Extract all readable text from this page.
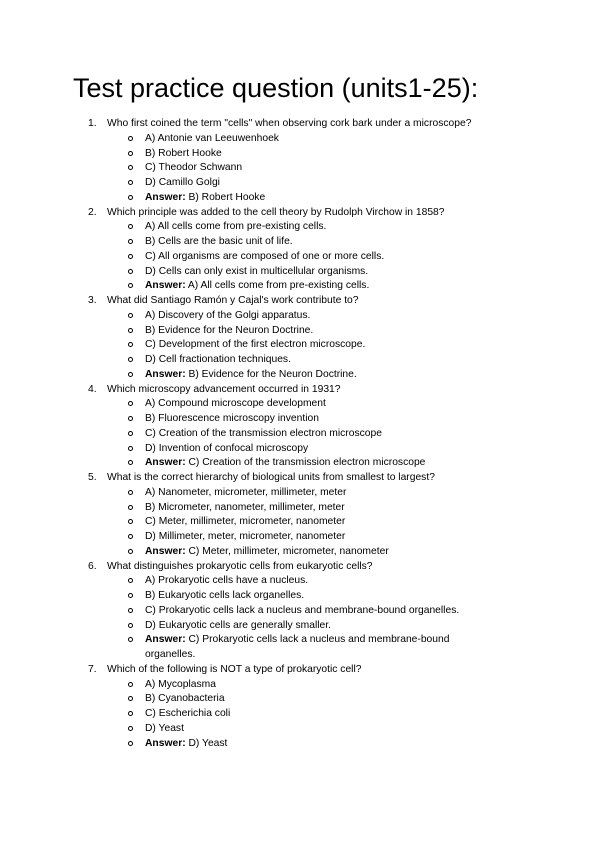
Test practice question (units1-25):
1. Who first coined the term "cells" when observing cork bark under a microscope?
A) Antonie van Leeuwenhoek
B) Robert Hooke
C) Theodor Schwann
D) Camillo Golgi
Answer: B) Robert Hooke
2. Which principle was added to the cell theory by Rudolph Virchow in 1858?
A) All cells come from pre-existing cells.
B) Cells are the basic unit of life.
C) All organisms are composed of one or more cells.
D) Cells can only exist in multicellular organisms.
Answer: A) All cells come from pre-existing cells.
3. What did Santiago Ramón y Cajal's work contribute to?
A) Discovery of the Golgi apparatus.
B) Evidence for the Neuron Doctrine.
C) Development of the first electron microscope.
D) Cell fractionation techniques.
Answer: B) Evidence for the Neuron Doctrine.
4. Which microscopy advancement occurred in 1931?
A) Compound microscope development
B) Fluorescence microscopy invention
C) Creation of the transmission electron microscope
D) Invention of confocal microscopy
Answer: C) Creation of the transmission electron microscope
5. What is the correct hierarchy of biological units from smallest to largest?
A) Nanometer, micrometer, millimeter, meter
B) Micrometer, nanometer, millimeter, meter
C) Meter, millimeter, micrometer, nanometer
D) Millimeter, meter, micrometer, nanometer
Answer: C) Meter, millimeter, micrometer, nanometer
6. What distinguishes prokaryotic cells from eukaryotic cells?
A) Prokaryotic cells have a nucleus.
B) Eukaryotic cells lack organelles.
C) Prokaryotic cells lack a nucleus and membrane-bound organelles.
D) Eukaryotic cells are generally smaller.
Answer: C) Prokaryotic cells lack a nucleus and membrane-bound organelles.
7. Which of the following is NOT a type of prokaryotic cell?
A) Mycoplasma
B) Cyanobacteria
C) Escherichia coli
D) Yeast
Answer: D) Yeast
